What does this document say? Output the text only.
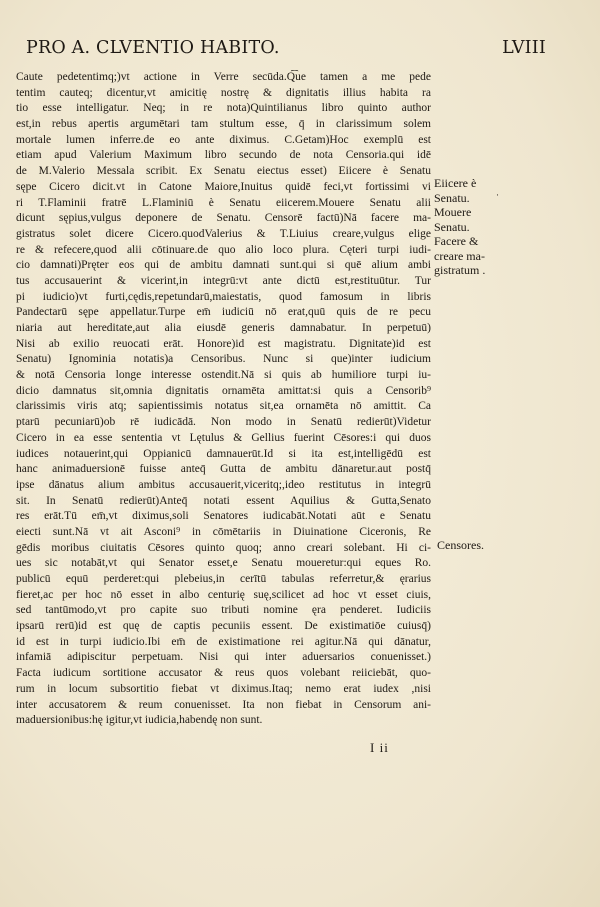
PRO A. CLVENTIO HABITO.	LVIII
Caute pedetentimq;)vt actione in Verre secūda.Q͡ue tamen a me pede
tentim cauteq; dicentur,vt amicitię nostrę & dignitatis illius habita ra
tio esse intelligatur. Neq; in re nota)Quintilianus libro quinto author
est,in rebus apertis argumētari tam stultum esse, q̄ in clarissimum solem
mortale lumen inferre.de eo ante diximus. C.Getam)Hoc exemplū est
etiam apud Valerium Maximum libro secundo de nota Censoria.qui idē
de M.Valerio Messala scribit. Ex Senatu eiectus esset) Eiicere è Senatu
sępe Cicero dicit.vt in Catone Maiore,Inuitus quidē feci,vt fortissimi vi
ri T.Flaminii fratrē L.Flaminiū è Senatu eiicerem.Mouere Senatu alii
dicunt sępius,vulgus deponere de Senatu. Censorē factū)Nā facere ma-
gistratus solet dicere Cicero.quodValerius & T.Liuius creare,vulgus elige
re & refecere,quod alii cōtinuare.de quo alio loco plura. Cęteri turpi iudi-
cio damnati)Pręter eos qui de ambitu damnati sunt.qui si quē alium ambi
tus accusauerint & vicerint,in integrū:vt ante dictū est,restituūtur. Tur
pi iudicio)vt furti,cędis,repetundarū,maiestatis, quod famosum in libris
Pandectarū sępe appellatur.Turpe em̄ iudiciū nō erat,quū quis de re pecu
niaria aut hereditate,aut alia eiusdē generis damnabatur. In perpetuū)
Nisi ab exilio reuocati erāt. Honore)id est magistratu. Dignitate)id est
Senatu) Ignominia notatis)a Censoribus. Nunc si que)inter iudicium
& notā Censoria longe interesse ostendit.Nā si quis ab humiliore turpi iu-
dicio damnatus sit,omnia dignitatis ornamēta amittat:si quis a Censorib⁹
clarissimis viris atq; sapientissimis notatus sit,ea ornamēta nō amittit. Ca
ptarū pecuniarū)ob rē iudicādā. Non modo in Senatū redierūt)Videtur
Cicero in ea esse sententia vt Lętulus & Gellius fuerint Cēsores:i qui duos
iudices notauerint,qui Oppianicū damnauerūt.Id si ita est,intelligēdū est
hanc animaduersionē fuisse anteq̄ Gutta de ambitu dānaretur.aut postq̄
ipse dānatus alium ambitus accusauerit,viceritq;,ideo restitutus in integrū
sit. In Senatū redierūt)Anteq̄ notati essent Aquilius & Gutta,Senato
res erāt.Tū em̄,vt diximus,soli Senatores iudicabāt.Notati aūt e Senatu
eiecti sunt.Nā vt ait Asconi⁹ in cōmētariis in Diuinatione Ciceronis, Re
gēdis moribus ciuitatis Cēsores quinto quoq; anno creari solebant. Hi ci-
ues sic notabāt,vt qui Senator esset,e Senatu moueretur:qui eques Ro.
publicū equū perderet:qui plebeius,in cerītū tabulas referretur,& ęrarius
fieret,ac per hoc nō esset in albo centurię suę,scilicet ad hoc vt esset ciuis,
sed tantūmodo,vt pro capite suo tributi nomine ęra penderet. Iudiciis
ipsarū rerū)id est quę de captis pecuniis essent. De existimatiōe cuiusq̄)
id est in turpi iudicio.Ibi em̄ de existimatione rei agitur.Nā qui dānatur,
infamiā adipiscitur perpetuam. Nisi qui inter aduersarios conuenisset.)
Facta iudicum sortitione accusator & reus quos volebant reiiciebāt, quo-
rum in locum subsortitio fiebat vt diximus.Itaq; nemo erat iudex ,nisi
inter accusatorem & reum conuenisset. Ita non fiebat in Censorum ani-
maduersionibus:hę igitur,vt iudicia,habendę non sunt.
Eiicere è
Senatu.
Mouere
Senatu.
Facere &
creare ma-
gistratum .
·
Censores.
I ii
